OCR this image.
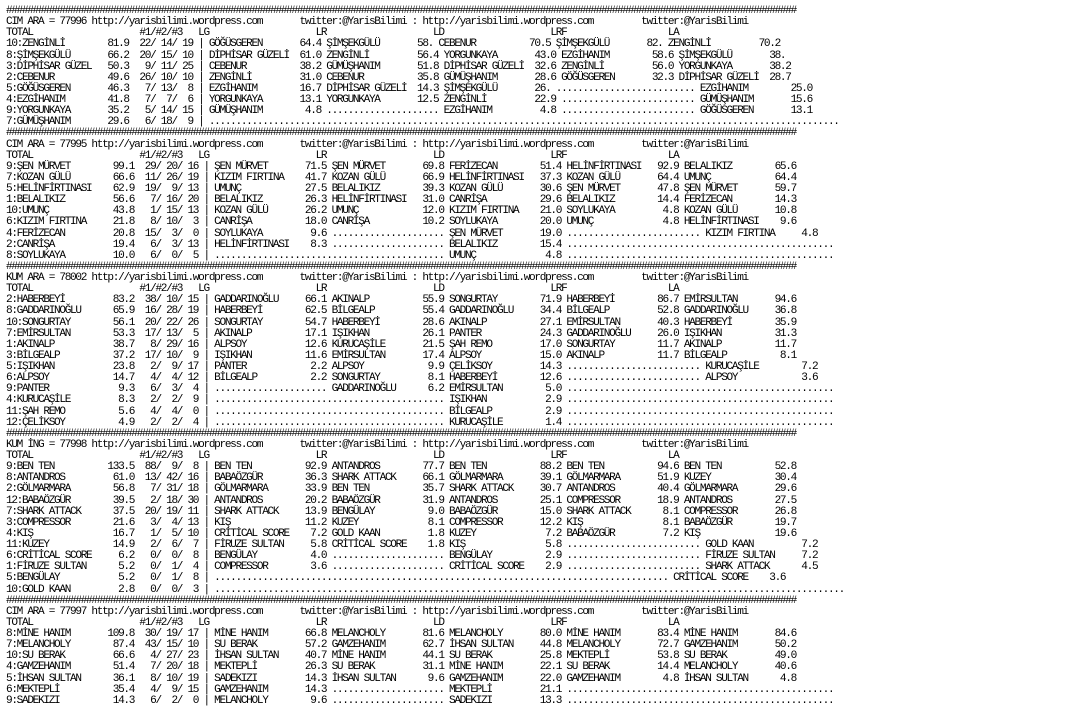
####################################################################################################################################################
CIM ARA = 77996 http://yarisbilimi.wordpress.com       twitter:@YarisBilimi : http://yarisbilimi.wordpress.com         twitter:@YarisBilimi
TOTAL                    #1/#2/#3   LG                    LR                    LD                    LRF                   LA
10:ZENGİNLİ        81.9  22/ 14/ 19 | GÖĞÜSGEREN       64.4 ŞİMŞEKGÜLÜ       58. CEBENUR          70.5 ŞİMŞEKGÜLÜ       82. ZENGİNLİ         70.2
8:ŞİMŞEKGÜLÜ       66.2  20/ 15/ 10 | DİPHİSAR GÜZELİ  61.0 ZENGİNLİ         56.4 YORGUNKAYA       43.0 EZGİHANIM        58.6 ŞİMŞEKGÜLÜ       38.
3:DİPHİSAR GÜZEL   50.3   9/ 11/ 25 | CEBENUR          38.2 GÜMÜŞHANIM       51.8 DİPHİSAR GÜZELİ  32.6 ZENGİNLİ         56.0 YORGUNKAYA       38.2
2:CEBENUR          49.6  26/ 10/ 10 | ZENGİNLİ         31.0 CEBENUR          35.8 GÜMÜŞHANIM       28.6 GÖĞÜSGEREN       32.3 DİPHİSAR GÜZELİ  28.7
5:GÖĞÜSGEREN       46.3   7/ 13/  8 | EZGİHANIM        16.7 DİPHİSAR GÜZELİ  14.3 ŞİMŞEKGÜLÜ       26. .......................... EZGİHANIM        25.0
4:EZGİHANIM        41.8   7/  7/  6 | YORGUNKAYA       13.1 YORGUNKAYA       12.5 ZENGİNLİ         22.9 ......................... GÜMÜŞHANIM       15.6
9:YORGUNKAYA       35.2   5/ 14/ 15 | GÜMÜŞHANIM        4.8 ..................... EZGİHANIM         4.8 ......................... GÖĞÜSGEREN       13.1
7:GÜMÜŞHANIM       29.6   6/ 18/  9 | ......................................................................................................................
####################################################################################################################################################
CIM ARA = 77995 http://yarisbilimi.wordpress.com       twitter:@YarisBilimi : http://yarisbilimi.wordpress.com         twitter:@YarisBilimi
TOTAL                    #1/#2/#3   LG                    LR                    LD                    LRF                   LA
9:ŞEN MÜRVET        99.1  29/ 20/ 16 | ŞEN MÜRVET       71.5 ŞEN MÜRVET       69.8 FERİZECAN        51.4 HELİNFİRTINASI   92.9 BELALIKIZ        65.6
7:KOZAN GÜLÜ        66.6  11/ 26/ 19 | KIZIM FIRTINA    41.7 KOZAN GÜLÜ       66.9 HELİNFİRTINASI   37.3 KOZAN GÜLÜ       64.4 UMUNÇ            64.4
5:HELİNFİRTINASI    62.9  19/  9/ 13 | UMUNÇ            27.5 BELALIKIZ        39.3 KOZAN GÜLÜ       30.6 ŞEN MÜRVET       47.8 ŞEN MÜRVET       59.7
1:BELALIKIZ         56.6   7/ 16/ 20 | BELALIKIZ        26.3 HELİNFİRTINASI   31.0 CANRİŞA          29.6 BELALIKIZ        14.4 FERİZECAN        14.3
10:UMUNÇ            43.8   1/ 15/ 13 | KOZAN GÜLÜ       26.2 UMUNÇ            12.0 KIZIM FIRTINA    21.0 SOYLUKAYA         4.8 KOZAN GÜLÜ       10.8
6:KIZIM FIRTINA     21.8   8/ 10/  3 | CANRİŞA          18.0 CANRİŞA          10.2 SOYLUKAYA        20.0 UMUNÇ             4.8 HELİNFİRTINASI    9.6
4:FERİZECAN         20.8  15/  3/  0 | SOYLUKAYA         9.6 ..................... ŞEN MÜRVET       19.0 ......................... KIZIM FIRTINA     4.8
2:CANRİŞA           19.4   6/  3/ 13 | HELİNFİRTINASI    8.3 ..................... BELALIKIZ        15.4 ..................................................
8:SOYLUKAYA         10.0   6/  0/  5 | ........................................... UMUNÇ             4.8 ..................................................
####################################################################################################################################################
KUM ARA = 78002 http://yarisbilimi.wordpress.com       twitter:@YarisBilimi : http://yarisbilimi.wordpress.com         twitter:@YarisBilimi
TOTAL                    #1/#2/#3   LG                    LR                    LD                    LRF                   LA
2:HABERBEYİ         83.2  38/ 10/ 15 | GADDARINOĞLU     66.1 AKINALP          55.9 SONGURTAY        71.9 HABERBEYİ        86.7 EMİRSULTAN       94.6
8:GADDARINOĞLU      65.9  16/ 28/ 19 | HABERBEYİ        62.5 BİLGEALP         55.4 GADDARINOĞLU     34.4 BİLGEALP         52.8 GADDARINOĞLU     36.8
10:SONGURTAY        56.1  20/ 22/ 26 | SONGURTAY        54.7 HABERBEYİ        28.6 AKINALP          27.1 EMİRSULTAN       40.3 HABERBEYİ        35.9
7:EMİRSULTAN        53.3  17/ 13/  5 | AKINALP          17.1 IŞIKHAN          26.1 PANTER           24.3 GADDARINOĞLU     26.0 IŞIKHAN          31.3
1:AKINALP           38.7   8/ 29/ 16 | ALPSOY           12.6 KURUCAŞİLE       21.5 ŞAH REMO         17.0 SONGURTAY        11.7 AKINALP          11.7
3:BİLGEALP          37.2  17/ 10/  9 | IŞIKHAN          11.6 EMİRSULTAN       17.4 ALPSOY           15.0 AKINALP          11.7 BİLGEALP          8.1
5:IŞIKHAN           23.8   2/  9/ 17 | PANTER            2.2 ALPSOY            9.9 ÇELİKSOY         14.3 ......................... KURUCAŞİLE        7.2
6:ALPSOY            14.7   4/  4/ 12 | BİLGEALP          2.2 SONGURTAY         8.1 HABERBEYİ        12.6 ......................... ALPSOY            3.6
9:PANTER             9.3   6/  3/  4 | ..................... GADDARINOĞLU      6.2 EMİRSULTAN        5.0 ..................................................
4:KURUCAŞİLE         8.3   2/  2/  9 | ........................................... IŞIKHAN           2.9 ..................................................
11:ŞAH REMO          5.6   4/  4/  0 | ........................................... BİLGEALP          2.9 ..................................................
12:ÇELİKSOY          4.9   2/  2/  4 | ........................................... KURUCAŞİLE        1.4 ..................................................
####################################################################################################################################################
KUM İNG = 77998 http://yarisbilimi.wordpress.com       twitter:@YarisBilimi : http://yarisbilimi.wordpress.com         twitter:@YarisBilimi
TOTAL                    #1/#2/#3   LG                    LR                    LD                    LRF                   LA
9:BEN TEN          133.5  88/  9/  8 | BEN TEN          92.9 ANTANDROS        77.7 BEN TEN          88.2 BEN TEN          94.6 BEN TEN          52.8
8:ANTANDROS         61.0  13/ 42/ 16 | BABAÖZGÜR        36.3 SHARK ATTACK     66.1 GÖLMARMARA       39.1 GÖLMARMARA       51.9 KUZEY            30.4
2:GÖLMARMARA        56.8   7/ 31/ 18 | GÖLMARMARA       33.9 BEN TEN          35.7 SHARK ATTACK     30.7 ANTANDROS        40.4 GÖLMARMARA       29.6
12:BABAÖZGÜR        39.5   2/ 18/ 30 | ANTANDROS        20.2 BABAÖZGÜR        31.9 ANTANDROS        25.1 COMPRESSOR       18.9 ANTANDROS        27.5
7:SHARK ATTACK      37.5  20/ 19/ 11 | SHARK ATTACK     13.9 BENGÜLAY          9.0 BABAÖZGÜR        15.0 SHARK ATTACK      8.1 COMPRESSOR       26.8
3:COMPRESSOR        21.6   3/  4/ 13 | KIŞ              11.2 KUZEY             8.1 COMPRESSOR       12.2 KIŞ               8.1 BABAÖZGÜR        19.7
4:KIŞ               16.7   1/  5/ 10 | CRİTİCAL SCORE    7.2 GOLD KAAN         1.8 KUZEY             7.2 BABAÖZGÜR         7.2 KIŞ              19.6
11:KUZEY            14.9   2/  6/  7 | FİRUZE SULTAN     5.8 CRİTİCAL SCORE    1.8 KIŞ               5.8 ......................... GOLD KAAN         7.2
6:CRİTİCAL SCORE     6.2   0/  0/  8 | BENGÜLAY          4.0 ..................... BENGÜLAY          2.9 ......................... FİRUZE SULTAN     7.2
1:FİRUZE SULTAN      5.2   0/  1/  4 | COMPRESSOR        3.6 ..................... CRİTİCAL SCORE    2.9 ......................... SHARK ATTACK      4.5
5:BENGÜLAY           5.2   0/  1/  8 | ..................................................................................... CRİTİCAL SCORE    3.6
10:GOLD KAAN         2.8   0/  0/  3 | ......................................................................................................................
####################################################################################################################################################
CIM ARA = 77997 http://yarisbilimi.wordpress.com       twitter:@YarisBilimi : http://yarisbilimi.wordpress.com         twitter:@YarisBilimi
TOTAL                    #1/#2/#3   LG                    LR                    LD                    LRF                   LA
8:MİNE HANIM       109.8  30/ 19/ 17 | MİNE HANIM       66.8 MELANCHOLY       81.6 MELANCHOLY       80.0 MİNE HANIM       83.4 MİNE HANIM       84.6
7:MELANCHOLY        87.4  43/ 15/ 10 | SU BERAK         57.2 GAMZEHANIM       62.7 İHSAN SULTAN     44.8 MELANCHOLY       72.7 GAMZEHANIM       50.2
10:SU BERAK         66.6   4/ 27/ 23 | İHSAN SULTAN     40.7 MİNE HANIM       44.1 SU BERAK         25.8 MEKTEPLİ         53.8 SU BERAK         49.0
4:GAMZEHANIM        51.4   7/ 20/ 18 | MEKTEPLİ         26.3 SU BERAK         31.1 MİNE HANIM       22.1 SU BERAK         14.4 MELANCHOLY       40.6
5:İHSAN SULTAN      36.1   8/ 10/ 19 | SADEKIZI         14.3 İHSAN SULTAN      9.6 GAMZEHANIM       22.0 GAMZEHANIM        4.8 İHSAN SULTAN      4.8
6:MEKTEPLİ          35.4   4/  9/ 15 | GAMZEHANIM       14.3 ..................... MEKTEPLİ         21.1 ..................................................
9:SADEKIZI          14.3   6/  2/  0 | MELANCHOLY        9.6 ..................... SADEKIZI         13.3 ..................................................
